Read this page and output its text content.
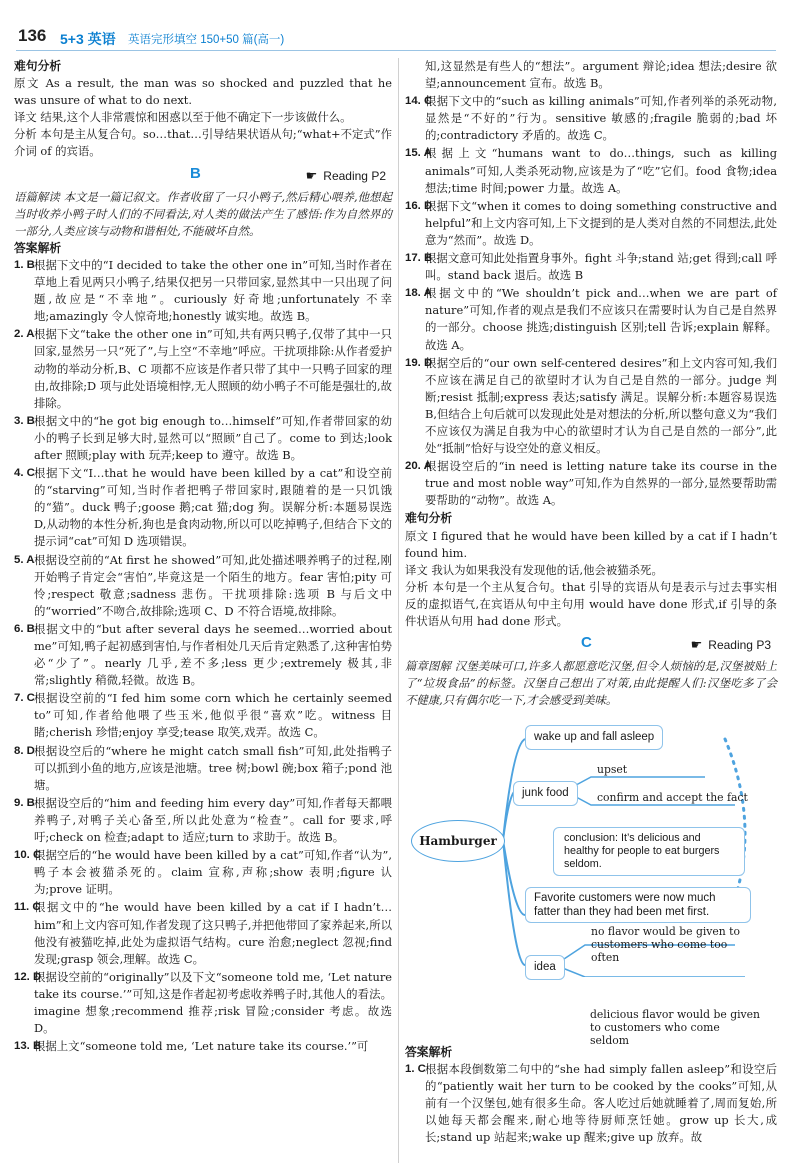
136 5+3 英语 英语完形填空 150+50 篇(高一)
难句分析

原文 As a result, the man was so shocked and puzzled that he was unsure of what to do next.

译文 结果,这个人非常震惊和困惑以至于他不确定下一步该做什么。

分析 本句是主从复合句。so…that…引导结果状语从句;“what+不定式”作介词 of 的宾语。

B	☛ Reading P2

语篇解读 本文是一篇记叙文。作者收留了一只小鸭子,然后精心喂养,他想起当时收养小鸭子时人们的不同看法,对人类的做法产生了感悟:作为自然界的一部分,人类应该与动物和谐相处,不能破坏自然。

答案解析
1. B 根据下文中的“I decided to take the other one in”可知,当时作者在草地上看见两只小鸭子,结果仅把另一只带回家,显然其中一只出现了问题,故应是“不幸地”。curiously 好奇地;unfortunately 不幸地;amazingly 令人惊奇地;honestly 诚实地。故选 B。
2. A 根据下文“take the other one in”可知,共有两只鸭子,仅带了其中一只回家,显然另一只“死了”,与上空“不幸地”呼应。干扰项排除:从作者爱护动物的举动分析,B、C 项都不应该是作者只带了其中一只鸭子回家的理由,故排除;D 项与此处语境相悖,无人照顾的幼小鸭子不可能是强壮的,故排除。
3. B 根据文中的“he got big enough to…himself”可知,作者带回家的幼小的鸭子长到足够大时,显然可以“照顾”自己了。come to 到达;look after 照顾;play with 玩弄;keep to 遵守。故选 B。
4. C 根据下文“I…that he would have been killed by a cat”和设空前的“starving”可知,当时作者把鸭子带回家时,跟随着的是一只饥饿的“猫”。duck 鸭子;goose 鹅;cat 猫;dog 狗。误解分析:本题易误选 D,从动物的本性分析,狗也是食肉动物,所以可以吃掉鸭子,但结合下文的提示词“cat”可知 D 选项错误。
5. A 根据设空前的“At first he showed”可知,此处描述喂养鸭子的过程,刚开始鸭子肯定会“害怕”,毕竟这是一个陌生的地方。fear 害怕;pity 可怜;respect 敬意;sadness 悲伤。干扰项排除:选项 B 与后文中的“worried”不吻合,故排除;选项 C、D 不符合语境,故排除。
6. B 根据文中的“but after several days he seemed…worried about me”可知,鸭子起初感到害怕,与作者相处几天后肯定熟悉了,这种害怕势必“少了”。nearly 几乎,差不多;less 更少;extremely 极其,非常;slightly 稍微,轻微。故选 B。
7. C 根据设空前的“I fed him some corn which he certainly seemed to”可知,作者给他喂了些玉米,他似乎很“喜欢”吃。witness 目睹;cherish 珍惜;enjoy 享受;tease 取笑,戏弄。故选 C。
8. D 根据设空后的“where he might catch small fish”可知,此处指鸭子可以抓到小鱼的地方,应该是池塘。tree 树;bowl 碗;box 箱子;pond 池塘。
9. B 根据设空后的“him and feeding him every day”可知,作者每天都喂养鸭子,对鸭子关心备至,所以此处意为“检查”。call for 要求,呼吁;check on 检查;adapt to 适应;turn to 求助于。故选 B。
10. C
根据空后的“he would have been killed by a cat”可知,作者“认为”,鸭子本会被猫杀死的。claim 宣称,声称;show 表明;figure 认为;prove 证明。
11. C
根据文中的“he would have been killed by a cat if I hadn’t…him”和上文内容可知,作者发现了这只鸭子,并把他带回了家养起来,所以他没有被猫吃掉,此处为虚拟语气结构。cure 治愈;neglect 忽视;find 发现;grasp 领会,理解。故选 C。
12. D
根据设空前的“originally”以及下文“someone told me, ‘Let nature take its course.’”可知,这是作者起初考虑收养鸭子时,其他人的看法。imagine 想象;recommend 推荐;risk 冒险;consider 考虑。故选 D。
13. B
根据上文“someone told me, ‘Let nature take its course.’”可
知,这显然是有些人的“想法”。argument 辩论;idea 想法;desire 欲望;announcement 宣布。故选 B。
14. C
根据下文中的“such as killing animals”可知,作者列举的杀死动物,显然是“不好的”行为。sensitive 敏感的;fragile 脆弱的;bad 坏的;contradictory 矛盾的。故选 C。
15. A
根据上文“humans want to do…things, such as killing animals”可知,人类杀死动物,应该是为了“吃”它们。food 食物;idea 想法;time 时间;power 力量。故选 A。
16. D
根据下文“when it comes to doing something constructive and helpful”和上文内容可知,上下文提到的是人类对自然的不同想法,此处意为“然而”。故选 D。
17. B
根据文意可知此处指置身事外。fight 斗争;stand 站;get 得到;call 呼叫。stand back 退后。故选 B
18. A
根据文中的“We shouldn’t pick and…when we are part of nature”可知,作者的观点是我们不应该只在需要时认为自己是自然界的一部分。choose 挑选;distinguish 区别;tell 告诉;explain 解释。故选 A。
19. D
根据空后的“our own self-centered desires”和上文内容可知,我们不应该在满足自己的欲望时才认为自己是自然的一部分。judge 判断;resist 抵制;express 表达;satisfy 满足。误解分析:本题容易误选 B,但结合上句后就可以发现此处是对想法的分析,所以整句意义为“我们不应该仅为满足自我为中心的欲望时才认为自己是自然的一部分”,此处“抵制”恰好与设空处的意义相反。
20. A
根据设空后的“in need is letting nature take its course in the true and most noble way”可知,作为自然界的一部分,显然要帮助需要帮助的“动物”。故选 A。
难句分析

原文 I figured that he would have been killed by a cat if I hadn’t found him.

译文 我认为如果我没有发现他的话,他会被猫杀死。

分析 本句是一个主从复合句。that 引导的宾语从句是表示与过去事实相反的虚拟语气,在宾语从句中主句用 would have done 形式,if 引导的条件状语从句用 had done 形式。

C	☛ Reading P3

篇章图解 汉堡美味可口,许多人都愿意吃汉堡,但令人烦恼的是,汉堡被贴上了“垃圾食品”的标签。汉堡自己想出了对策,由此提醒人们:汉堡吃多了会不健康,只有偶尔吃一下,才会感受到美味。

Hamburger
wake up and fall asleep
junk food
upset
confirm and accept the fact
conclusion: It’s delicious and healthy for people to eat burgers seldom.
Favorite customers were now much fatter than they had been met first.
no flavor would be given to customers who come too often
idea
delicious flavor would be given to customers who come seldom
答案解析
1. C 根据本段倒数第二句中的“she had simply fallen asleep”和设空后的“patiently wait her turn to be cooked by the cooks”可知,从前有一个汉堡包,她有很多生命。客人吃过后她就睡着了,周而复始,所以她每天都会醒来,耐心地等待厨师烹饪她。grow up 长大,成长;stand up 站起来;wake up 醒来;give up 放弃。故
